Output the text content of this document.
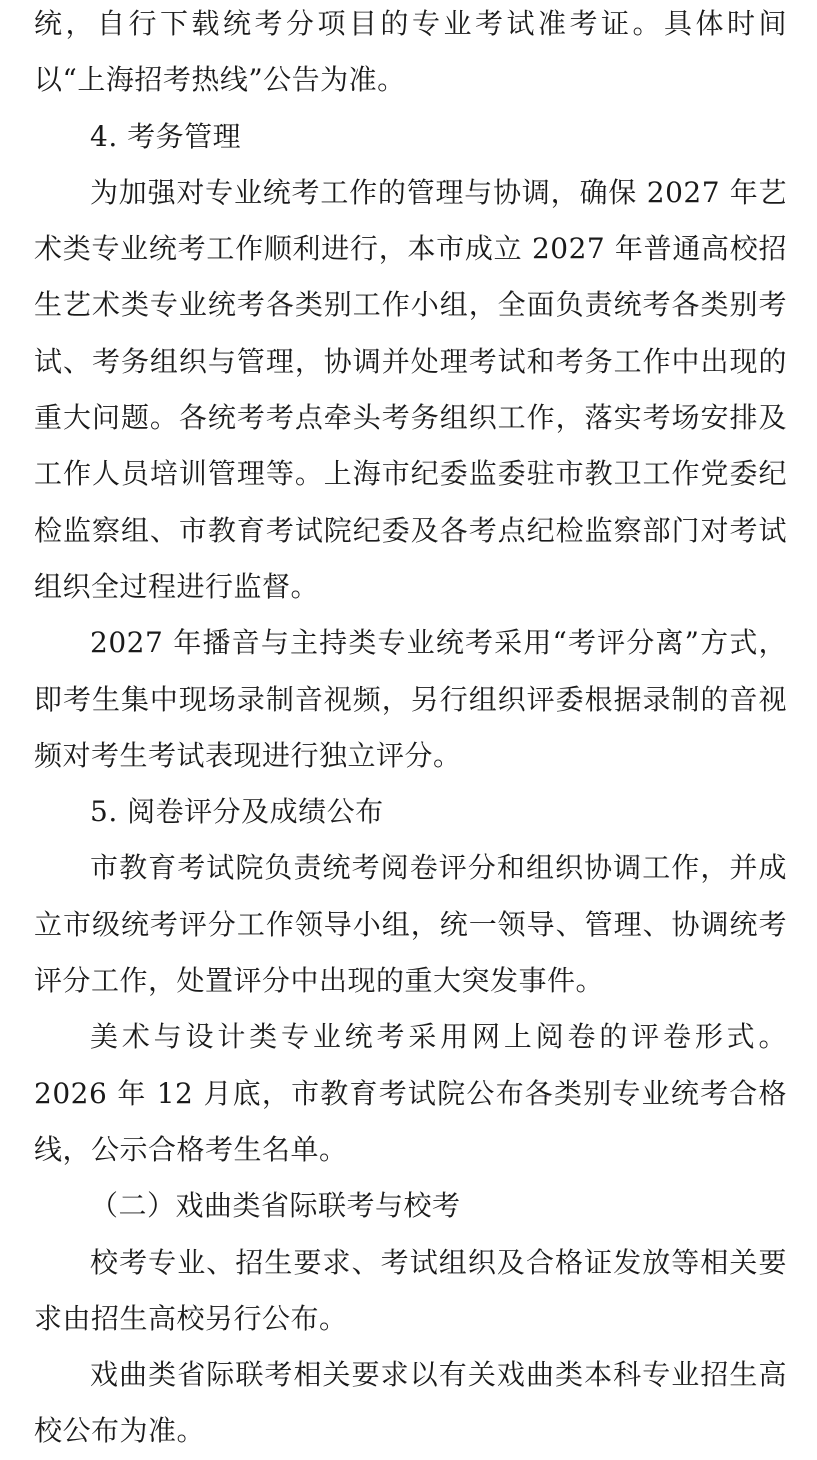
统，自行下载统考分项目的专业考试准考证。具体时间以“上海招考热线”公告为准。

4. 考务管理

为加强对专业统考工作的管理与协调，确保 2027 年艺术类专业统考工作顺利进行，本市成立 2027 年普通高校招生艺术类专业统考各类别工作小组，全面负责统考各类别考试、考务组织与管理，协调并处理考试和考务工作中出现的重大问题。各统考考点牵头考务组织工作，落实考场安排及工作人员培训管理等。上海市纪委监委驻市教卫工作党委纪检监察组、市教育考试院纪委及各考点纪检监察部门对考试组织全过程进行监督。

2027 年播音与主持类专业统考采用“考评分离”方式，即考生集中现场录制音视频，另行组织评委根据录制的音视频对考生考试表现进行独立评分。

5. 阅卷评分及成绩公布

市教育考试院负责统考阅卷评分和组织协调工作，并成立市级统考评分工作领导小组，统一领导、管理、协调统考评分工作，处置评分中出现的重大突发事件。

美术与设计类专业统考采用网上阅卷的评卷形式。2026 年 12 月底，市教育考试院公布各类别专业统考合格线，公示合格考生名单。

（二）戏曲类省际联考与校考

校考专业、招生要求、考试组织及合格证发放等相关要求由招生高校另行公布。

戏曲类省际联考相关要求以有关戏曲类本科专业招生高校公布为准。
